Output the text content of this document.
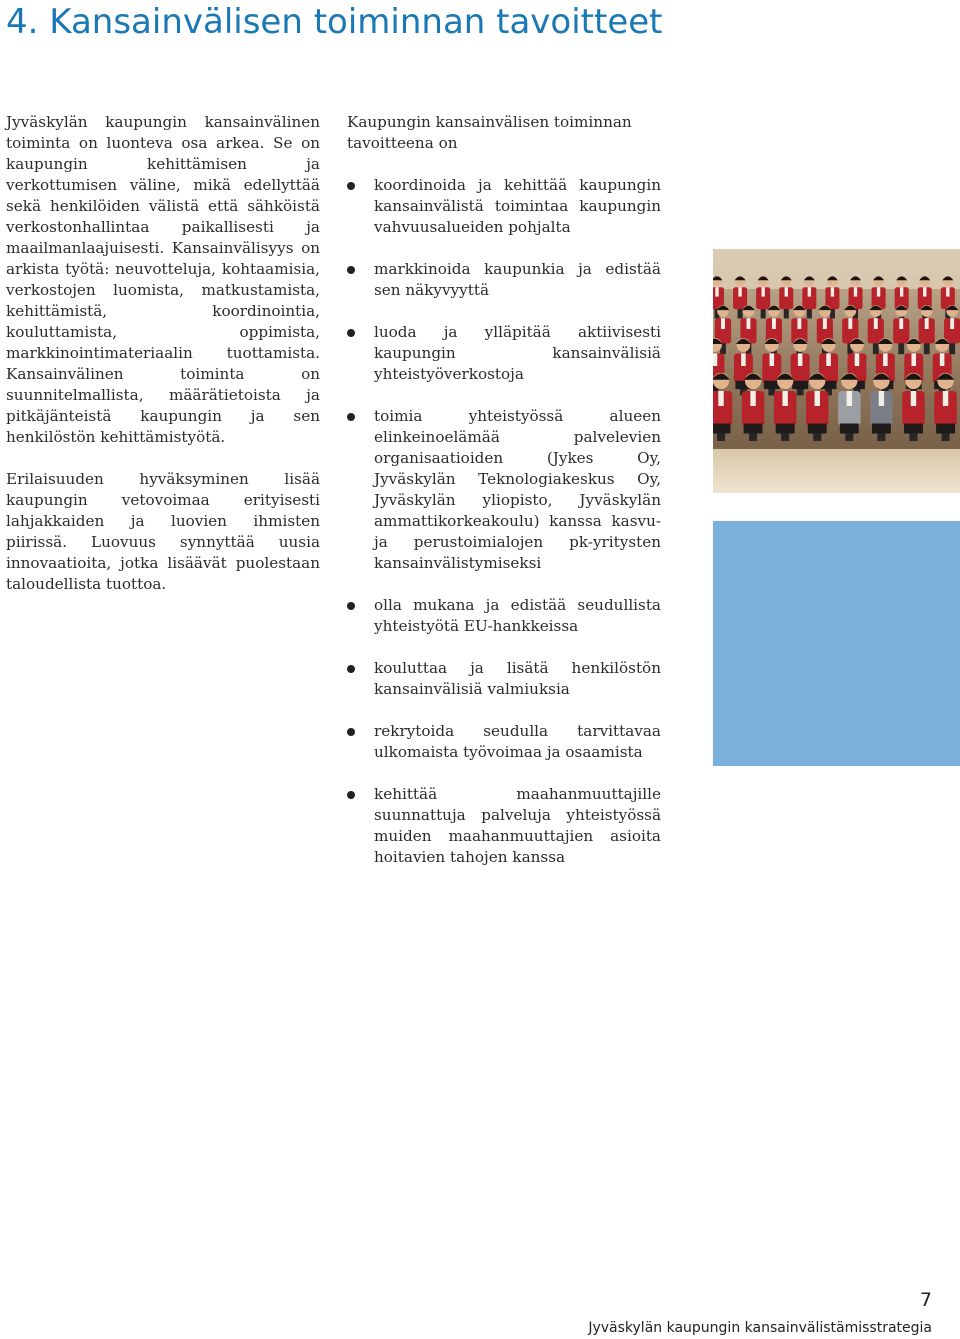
4. Kansainvälisen toiminnan tavoitteet

Jyväskylän kaupungin kansainvälinen toiminta on luonteva osa arkea. Se on kaupungin kehittämisen ja verkottumisen väline, mikä edellyttää sekä henkilöiden välistä että sähköistä verkostonhallintaa paikallisesti ja maailmanlaajuisesti. Kansainvälisyys on arkista työtä: neuvotteluja, kohtaamisia, verkostojen luomista, matkustamista, kehittämistä, koordinointia, kouluttamista, oppimista, markkinointimateriaalin tuottamista. Kansainvälinen toiminta on suunnitelmallista, määrätietoista ja pitkäjänteistä kaupungin ja sen henkilöstön kehittämistyötä.

Erilaisuuden hyväksyminen lisää kaupungin vetovoimaa erityisesti lahjakkaiden ja luovien ihmisten piirissä. Luovuus synnyttää uusia innovaatioita, jotka lisäävät puolestaan taloudellista tuottoa.

Kaupungin kansainvälisen toiminnan tavoitteena on

koordinoida ja kehittää kaupungin kansainvälistä toimintaa kaupungin vahvuusalueiden pohjalta
markkinoida kaupunkia ja edistää sen näkyvyyttä
luoda ja ylläpitää aktiivisesti kaupungin kansainvälisiä yhteistyöverkostoja
toimia yhteistyössä alueen elinkeinoelämää palvelevien organisaatioiden (Jykes Oy, Jyväskylän Teknologiakeskus Oy, Jyväskylän yliopisto, Jyväskylän ammattikorkeakoulu) kanssa kasvu- ja perustoimialojen pk-yritysten kansainvälistymiseksi
olla mukana ja edistää seudullista yhteistyötä EU-hankkeissa
kouluttaa ja lisätä henkilöstön kansainvälisiä valmiuksia
rekrytoida seudulla tarvittavaa ulkomaista työvoimaa ja osaamista
kehittää maahanmuuttajille suunnattuja palveluja yhteistyössä muiden maahanmuuttajien asioita hoitavien tahojen kanssa
7
Jyväskylän kaupungin kansainvälistämisstrategia
